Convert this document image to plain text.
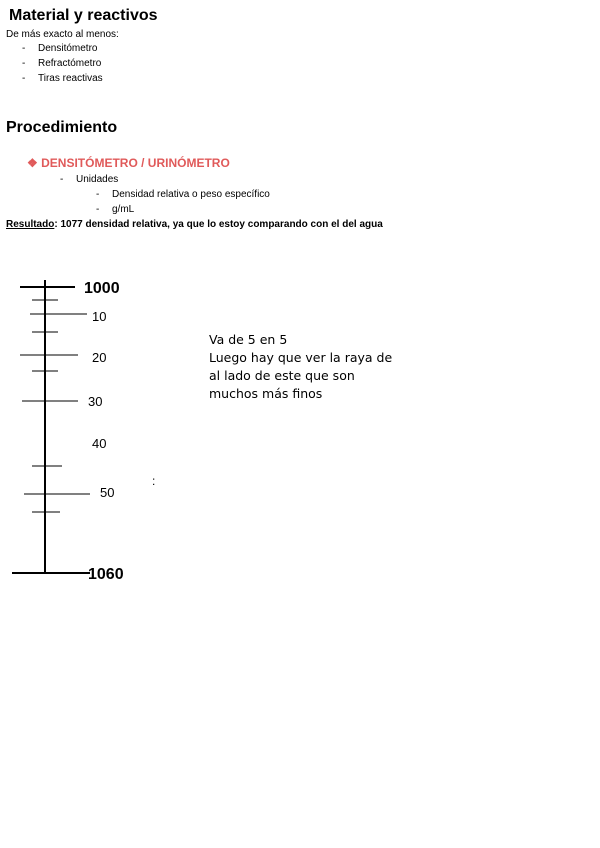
Material y reactivos
De más exacto al menos:
- Densitómetro
- Refractómetro
- Tiras reactivas
Procedimiento
❖ DENSITÓMETRO / URINÓMETRO
- Unidades
- Densidad relativa o peso específico
- g/mL
Resultado: 1077 densidad relativa, ya que lo estoy comparando con el del agua
1000
10
20
30
40
50
1060
:
Va de 5 en 5
Luego hay que ver la raya de
al lado de este que son
muchos más finos
